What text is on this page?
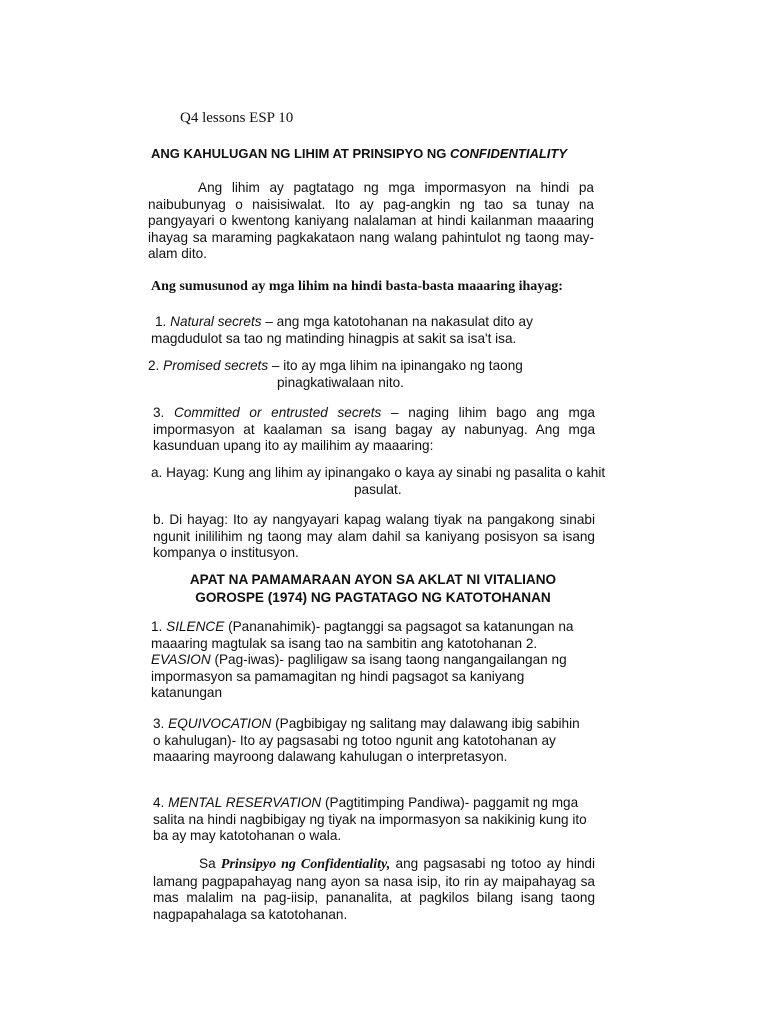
Q4 lessons ESP 10
ANG KAHULUGAN NG LIHIM AT PRINSIPYO NG CONFIDENTIALITY

Ang lihim ay pagtatago ng mga impormasyon na hindi pa naibubunyag o naisisiwalat. Ito ay pag-angkin ng tao sa tunay na pangyayari o kwentong kaniyang nalalaman at hindi kailanman maaaring ihayag sa maraming pagkakataon nang walang pahintulot ng taong may-alam dito.

Ang sumusunod ay mga lihim na hindi basta-basta maaaring ihayag:

1. Natural secrets – ang mga katotohanan na nakasulat dito ay magdudulot sa tao ng matinding hinagpis at sakit sa isa't isa.

2. Promised secrets – ito ay mga lihim na ipinangako ng taong
pinagkatiwalaan nito.

3. Committed or entrusted secrets – naging lihim bago ang mga impormasyon at kaalaman sa isang bagay ay nabunyag. Ang mga kasunduan upang ito ay mailihim ay maaaring:

a. Hayag: Kung ang lihim ay ipinangako o kaya ay sinabi ng pasalita o kahit
pasulat.

b. Di hayag: Ito ay nangyayari kapag walang tiyak na pangakong sinabi ngunit inililihim ng taong may alam dahil sa kaniyang posisyon sa isang kompanya o institusyon.

APAT NA PAMAMARAAN AYON SA AKLAT NI VITALIANO
GOROSPE (1974) NG PAGTATAGO NG KATOTOHANAN

1. SILENCE (Pananahimik)- pagtanggi sa pagsagot sa katanungan na maaaring magtulak sa isang tao na sambitin ang katotohanan 2. EVASION (Pag-iwas)- pagliligaw sa isang taong nangangailangan ng impormasyon sa pamamagitan ng hindi pagsagot sa kaniyang katanungan

3. EQUIVOCATION (Pagbibigay ng salitang may dalawang ibig sabihin o kahulugan)- Ito ay pagsasabi ng totoo ngunit ang katotohanan ay maaaring mayroong dalawang kahulugan o interpretasyon.

4. MENTAL RESERVATION (Pagtitimping Pandiwa)- paggamit ng mga salita na hindi nagbibigay ng tiyak na impormasyon sa nakikinig kung ito ba ay may katotohanan o wala.

Sa Prinsipyo ng Confidentiality, ang pagsasabi ng totoo ay hindi lamang pagpapahayag nang ayon sa nasa isip, ito rin ay maipahayag sa mas malalim na pag-iisip, pananalita, at pagkilos bilang isang taong nagpapahalaga sa katotohanan.
